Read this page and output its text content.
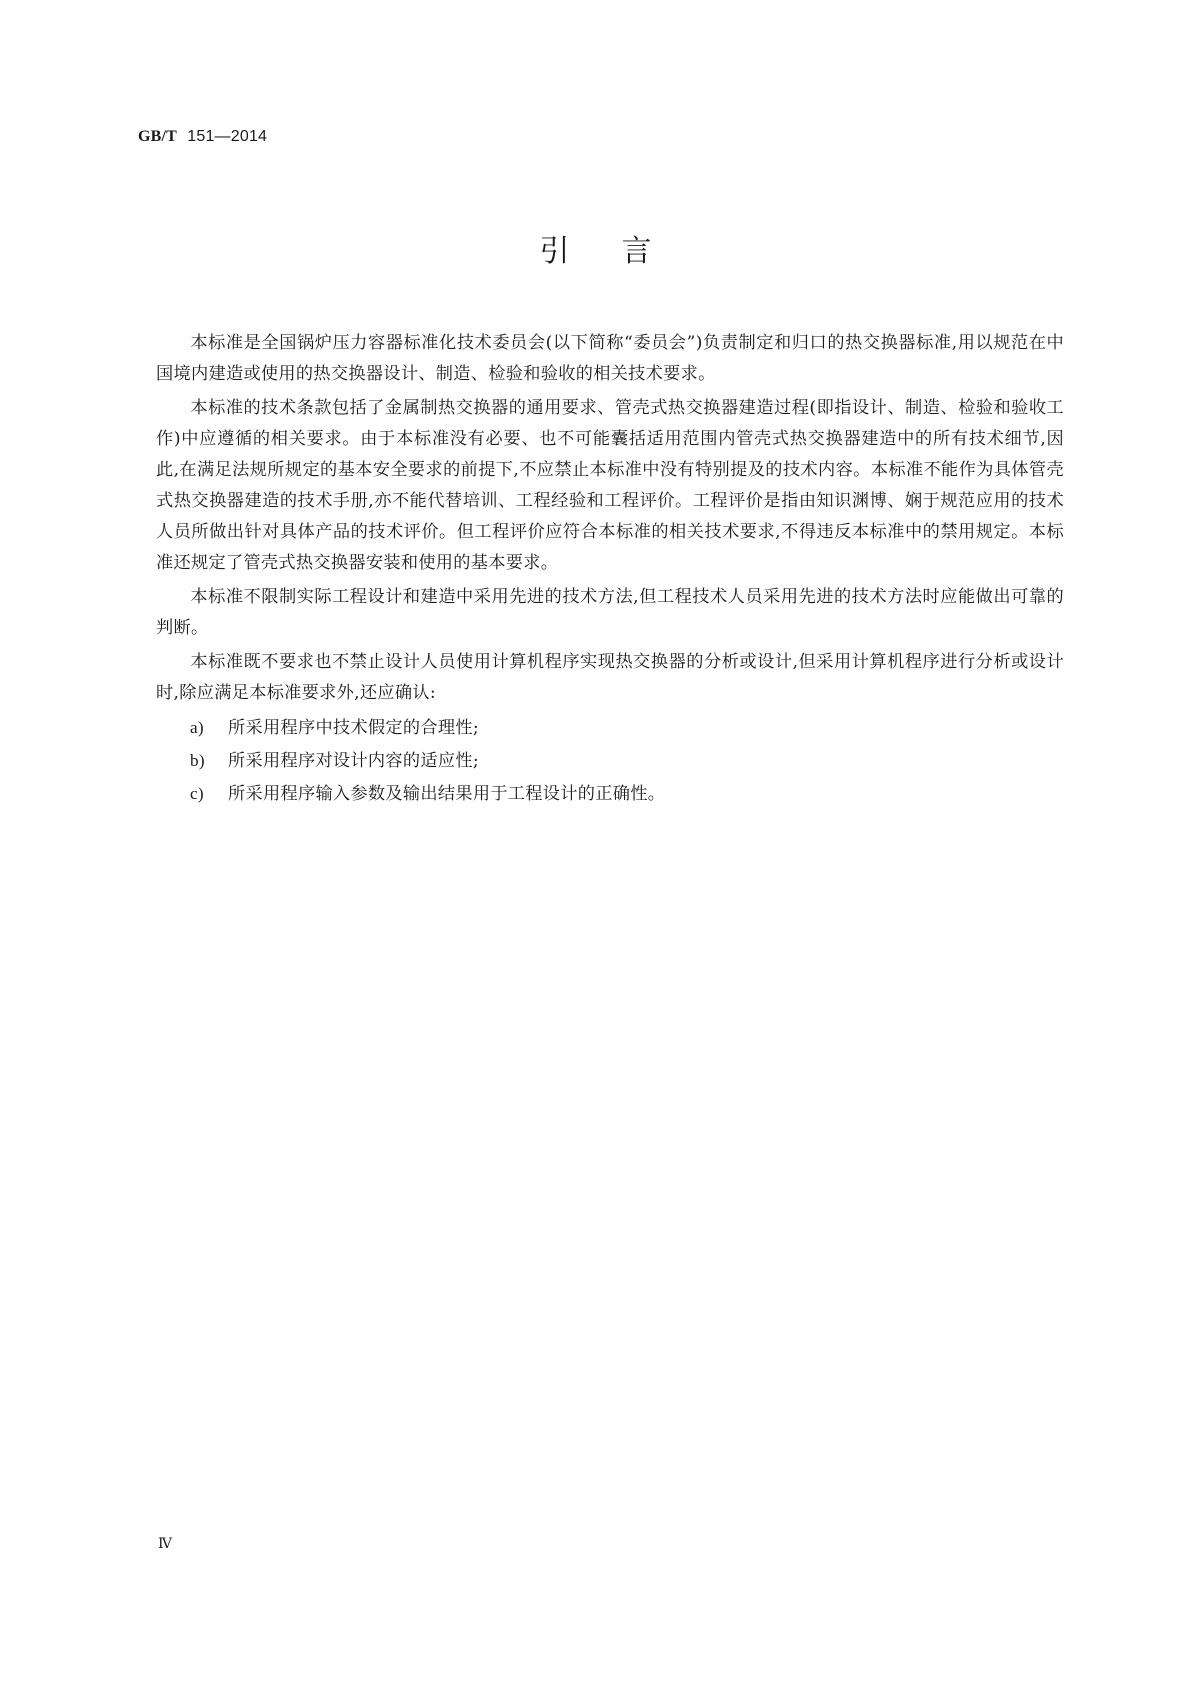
GB/T 151—2014
引言

本标准是全国锅炉压力容器标准化技术委员会(以下简称“委员会”)负责制定和归口的热交换器标准,用以规范在中国境内建造或使用的热交换器设计、制造、检验和验收的相关技术要求。

本标准的技术条款包括了金属制热交换器的通用要求、管壳式热交换器建造过程(即指设计、制造、检验和验收工作)中应遵循的相关要求。由于本标准没有必要、也不可能囊括适用范围内管壳式热交换器建造中的所有技术细节,因此,在满足法规所规定的基本安全要求的前提下,不应禁止本标准中没有特别提及的技术内容。本标准不能作为具体管壳式热交换器建造的技术手册,亦不能代替培训、工程经验和工程评价。工程评价是指由知识渊博、娴于规范应用的技术人员所做出针对具体产品的技术评价。但工程评价应符合本标准的相关技术要求,不得违反本标准中的禁用规定。本标准还规定了管壳式热交换器安装和使用的基本要求。

本标准不限制实际工程设计和建造中采用先进的技术方法,但工程技术人员采用先进的技术方法时应能做出可靠的判断。

本标准既不要求也不禁止设计人员使用计算机程序实现热交换器的分析或设计,但采用计算机程序进行分析或设计时,除应满足本标准要求外,还应确认:

a)	所采用程序中技术假定的合理性;
b)	所采用程序对设计内容的适应性;
c)	所采用程序输入参数及输出结果用于工程设计的正确性。
Ⅳ
